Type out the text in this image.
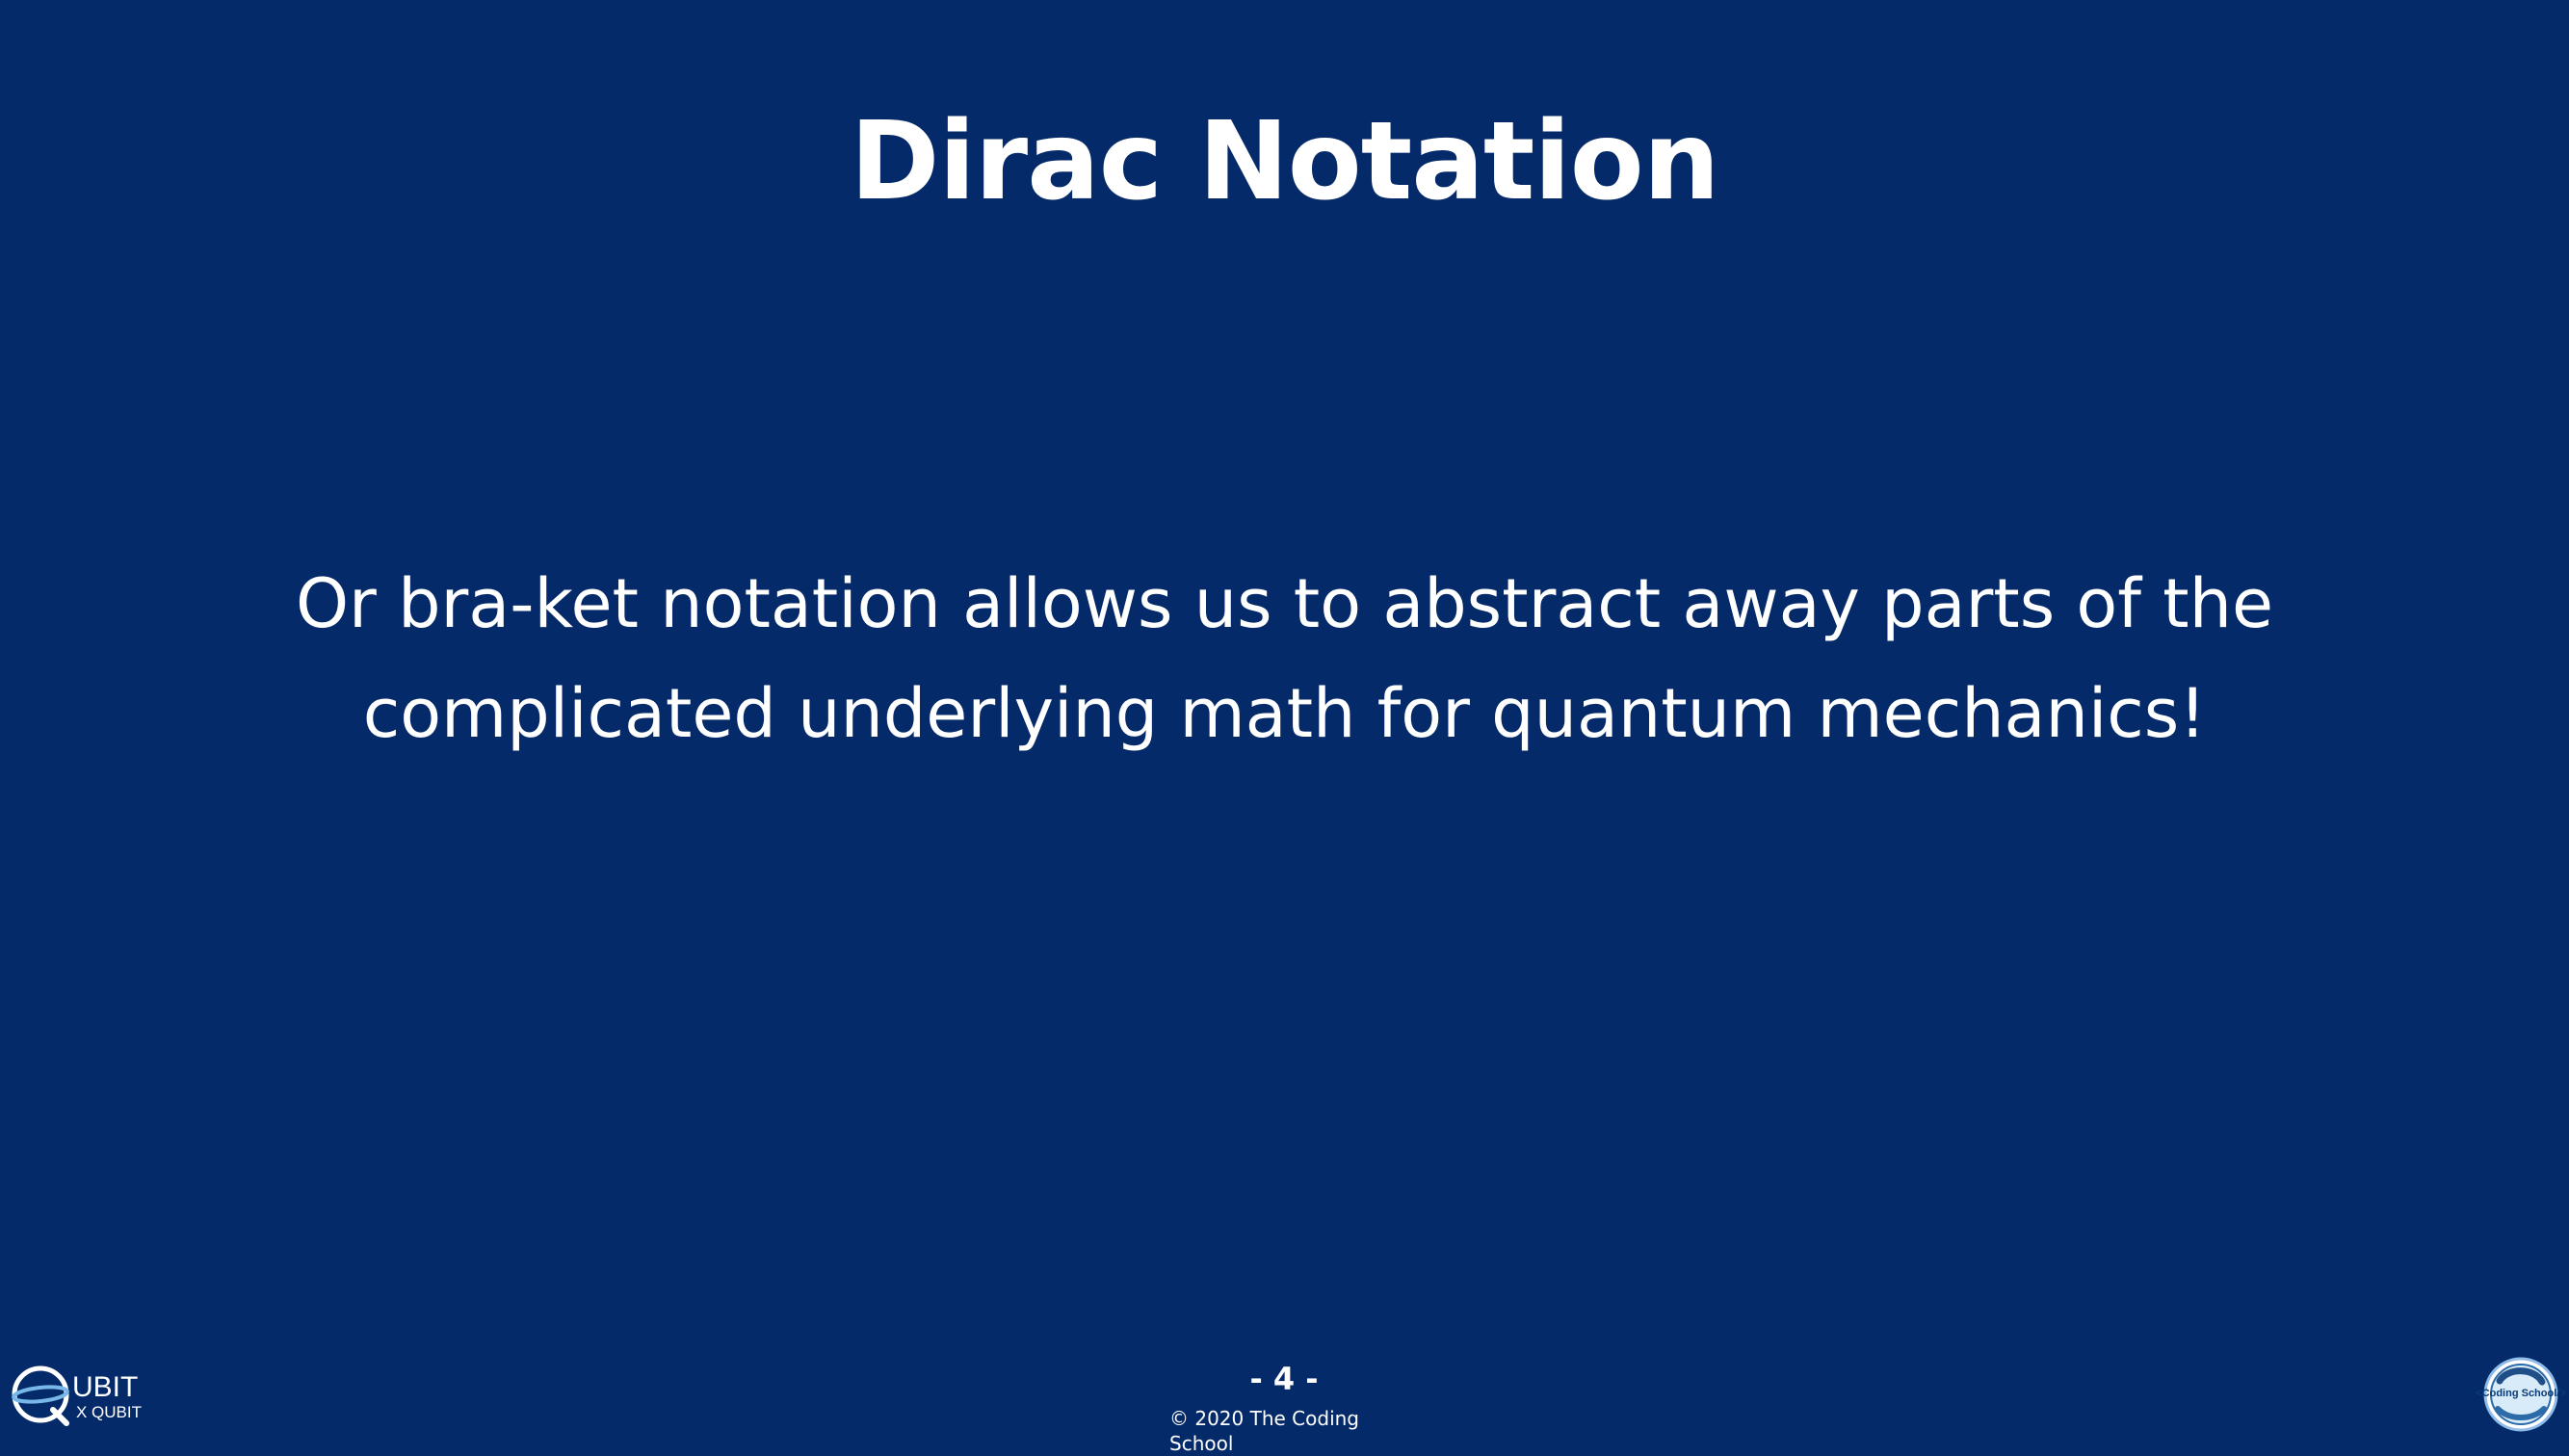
Dirac Notation
Or bra-ket notation allows us to abstract away parts of the
complicated underlying math for quantum mechanics!
UBIT
X QUBIT
- 4 -
© 2020 The Coding School
<Coding School/>
